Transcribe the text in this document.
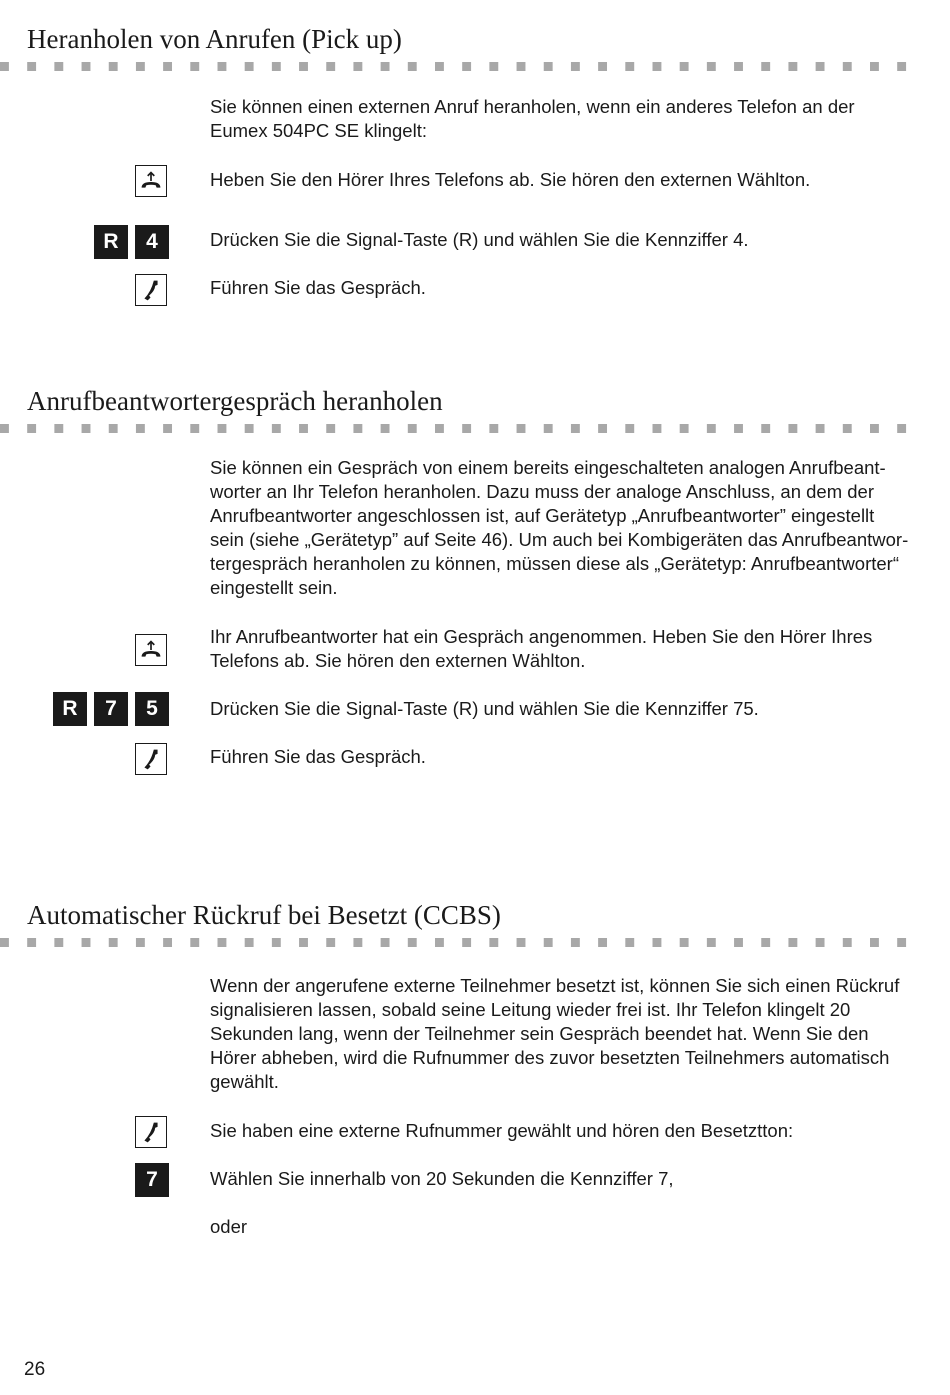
Heranholen von Anrufen (Pick up)

Sie können einen externen Anruf heranholen, wenn ein anderes Telefon an der Eumex 504PC SE klingelt:

Heben Sie den Hörer Ihres Telefons ab. Sie hören den externen Wählton.

R	4	Drücken Sie die Signal-Taste (R) und wählen Sie die Kennziffer 4.

Führen Sie das Gespräch.

Anrufbeantwortergespräch heranholen

Sie können ein Gespräch von einem bereits eingeschalteten analogen Anrufbeant-
worter an Ihr Telefon heranholen. Dazu muss der analoge Anschluss, an dem der
Anrufbeantworter angeschlossen ist, auf Gerätetyp „Anrufbeantworter” eingestellt
sein (siehe „Gerätetyp” auf Seite 46). Um auch bei Kombigeräten das Anrufbeantwor-
tergespräch heranholen zu können, müssen diese als „Gerätetyp: Anrufbeantworter“
eingestellt sein.

Ihr Anrufbeantworter hat ein Gespräch angenommen. Heben Sie den Hörer Ihres
Telefons ab. Sie hören den externen Wählton.

R	7	5	Drücken Sie die Signal-Taste (R) und wählen Sie die Kennziffer 75.

Führen Sie das Gespräch.

Automatischer Rückruf bei Besetzt (CCBS)

Wenn der angerufene externe Teilnehmer besetzt ist, können Sie sich einen Rückruf
signalisieren lassen, sobald seine Leitung wieder frei ist. Ihr Telefon klingelt 20
Sekunden lang, wenn der Teilnehmer sein Gespräch beendet hat. Wenn Sie den
Hörer abheben, wird die Rufnummer des zuvor besetzten Teilnehmers automatisch
gewählt.

Sie haben eine externe Rufnummer gewählt und hören den Besetztton:

7	Wählen Sie innerhalb von 20 Sekunden die Kennziffer 7,

oder

26
